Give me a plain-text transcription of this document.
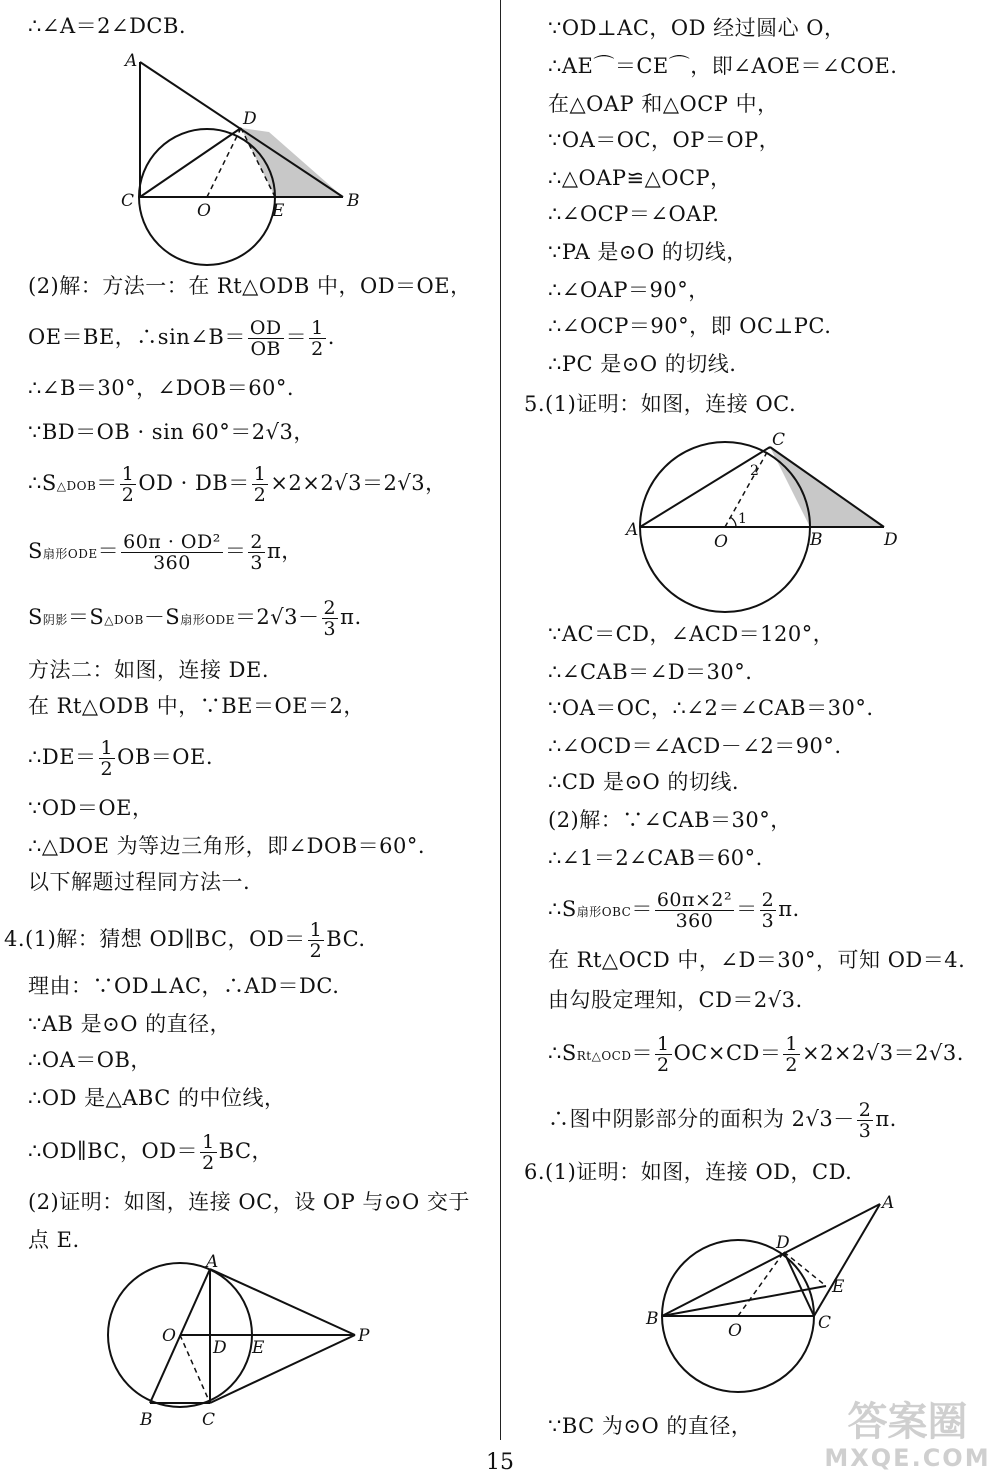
∴∠A＝2∠DCB.
A
D
C	O	E	B
(2)解：方法一：在 Rt△ODB 中，OD＝OE，
OE＝BE，∴sin∠B＝ $\frac{OD}{OB} = \frac{1}{2}$ .
∴∠B＝30°，∠DOB＝60°.
∵BD＝OB · sin 60°＝2√3，
∴S△DOB＝ $\frac{1}{2}$ OD · $DB= \frac{1}{2} \times 2\times 2√3=2√3$，
S扇形$ODE= \frac{\text{60π · OD²}}{360} = \frac{2}{3}$ π，
S阴影＝S△DOB－S扇形$ODE=2√3- \frac{2}{3} \pi$.
方法二：如图，连接 DE.
在 Rt△ODB 中，∵BE＝OE＝2，
∴DE＝ $\frac{1}{2} OB=OE$.
∵OD＝OE，
∴△DOE 为等边三角形，即∠DOB＝60°.
以下解题过程同方法一.
4.(1)解：猜想 OD∥BC，$OD= \frac{1}{2}$ BC.
理由：∵OD⊥AC，∴AD＝DC.
∵AB 是⊙O 的直径，
∴OA＝OB，
∴OD 是△ABC 的中位线，
∴OD∥BC，$OD= \frac{1}{2}$ BC，
(2)证明：如图，连接 OC，设 OP 与⊙O 交于
点 E.
A
O
D E
P
B	C
∵OD⊥AC，OD 经过圆心 O，
∴AE⌒＝CE⌒，即∠AOE＝∠COE.
在△OAP 和△OCP 中，
∵OA＝OC，OP＝OP，
∴△OAP≌△OCP，
∴∠OCP＝∠OAP.
∵PA 是⊙O 的切线，
∴∠OAP＝90°，
∴∠OCP＝90°，即 OC⊥PC.
∴PC 是⊙O 的切线.
5.(1)证明：如图，连接 OC.
C
A
O	B	D
1
2
∵AC＝CD，∠ACD＝120°，
∴∠CAB＝∠D＝30°.
∵OA＝OC，∴∠2＝∠CAB＝30°.
∴∠OCD＝∠ACD－∠2＝90°.
∴CD 是⊙O 的切线.
(2)解：∵∠CAB＝30°，
∴∠1＝2∠CAB＝60°.
∴S扇形$OBC= \frac{\text{60π×2²}}{360} = \frac{2}{3} \pi$.
在 Rt△OCD 中，∠D＝30°，可知 OD＝4.
由勾股定理知，CD＝2√3.
∴SRt△OCD＝ $\frac{1}{2} OC\times CD= \frac{1}{2} \times 2\times 2√3=2√3$.
∴图中阴影部分的面积为 $2√3- \frac{2}{3} \pi$.
6.(1)证明：如图，连接 OD，CD.
A
D
E
B
O	C
∵BC 为⊙O 的直径，
15
答案圈
MXQE.COM
